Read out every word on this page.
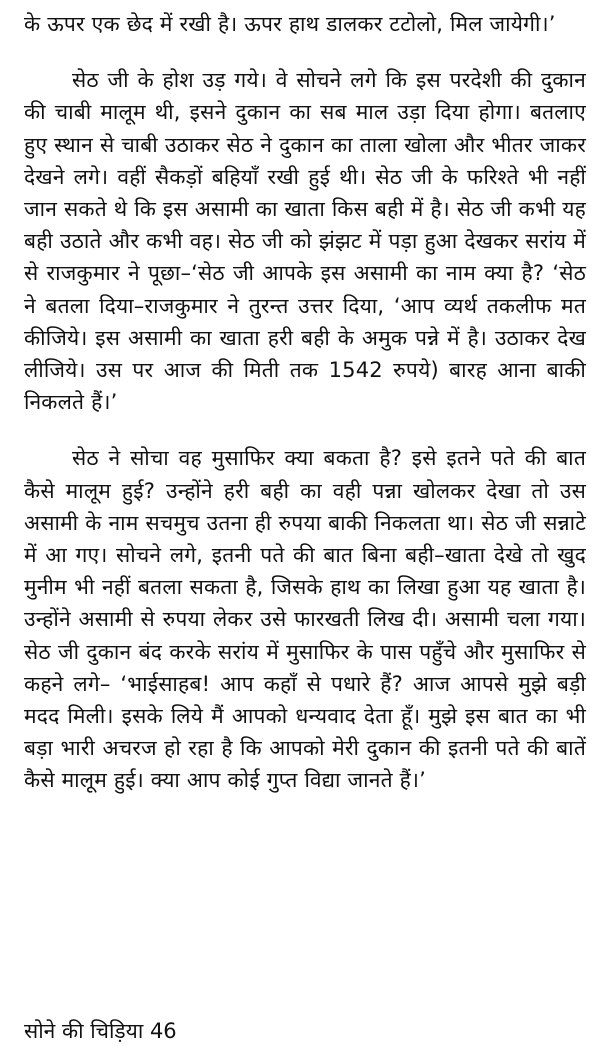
के ऊपर एक छेद में रखी है। ऊपर हाथ डालकर टटोलो, मिल जायेगी।’

सेठ जी के होश उड़ गये। वे सोचने लगे कि इस परदेशी की दुकान की चाबी मालूम थी, इसने दुकान का सब माल उड़ा दिया होगा। बतलाए हुए स्थान से चाबी उठाकर सेठ ने दुकान का ताला खोला और भीतर जाकर देखने लगे। वहीं सैकड़ों बहियाँ रखी हुई थी। सेठ जी के फरिश्ते भी नहीं जान सकते थे कि इस असामी का खाता किस बही में है। सेठ जी कभी यह बही उठाते और कभी वह। सेठ जी को झंझट में पड़ा हुआ देखकर सरांय में से राजकुमार ने पूछा–‘सेठ जी आपके इस असामी का नाम क्या है? ‘सेठ ने बतला दिया–राजकुमार ने तुरन्त उत्तर दिया, ‘आप व्यर्थ तकलीफ मत कीजिये। इस असामी का खाता हरी बही के अमुक पन्ने में है। उठाकर देख लीजिये। उस पर आज की मिती तक 1542 रुपये) बारह आना बाकी निकलते हैं।’

सेठ ने सोचा वह मुसाफिर क्या बकता है? इसे इतने पते की बात कैसे मालूम हुई? उन्होंने हरी बही का वही पन्ना खोलकर देखा तो उस असामी के नाम सचमुच उतना ही रुपया बाकी निकलता था। सेठ जी सन्नाटे में आ गए। सोचने लगे, इतनी पते की बात बिना बही–खाता देखे तो खुद मुनीम भी नहीं बतला सकता है, जिसके हाथ का लिखा हुआ यह खाता है। उन्होंने असामी से रुपया लेकर उसे फारखती लिख दी। असामी चला गया। सेठ जी दुकान बंद करके सरांय में मुसाफिर के पास पहुँचे और मुसाफिर से कहने लगे– ‘भाईसाहब! आप कहाँ से पधारे हैं? आज आपसे मुझे बड़ी मदद मिली। इसके लिये मैं आपको धन्यवाद देता हूँ। मुझे इस बात का भी बड़ा भारी अचरज हो रहा है कि आपको मेरी दुकान की इतनी पते की बातें कैसे मालूम हुई। क्या आप कोई गुप्त विद्या जानते हैं।’

सोने की चिड़िया 46
